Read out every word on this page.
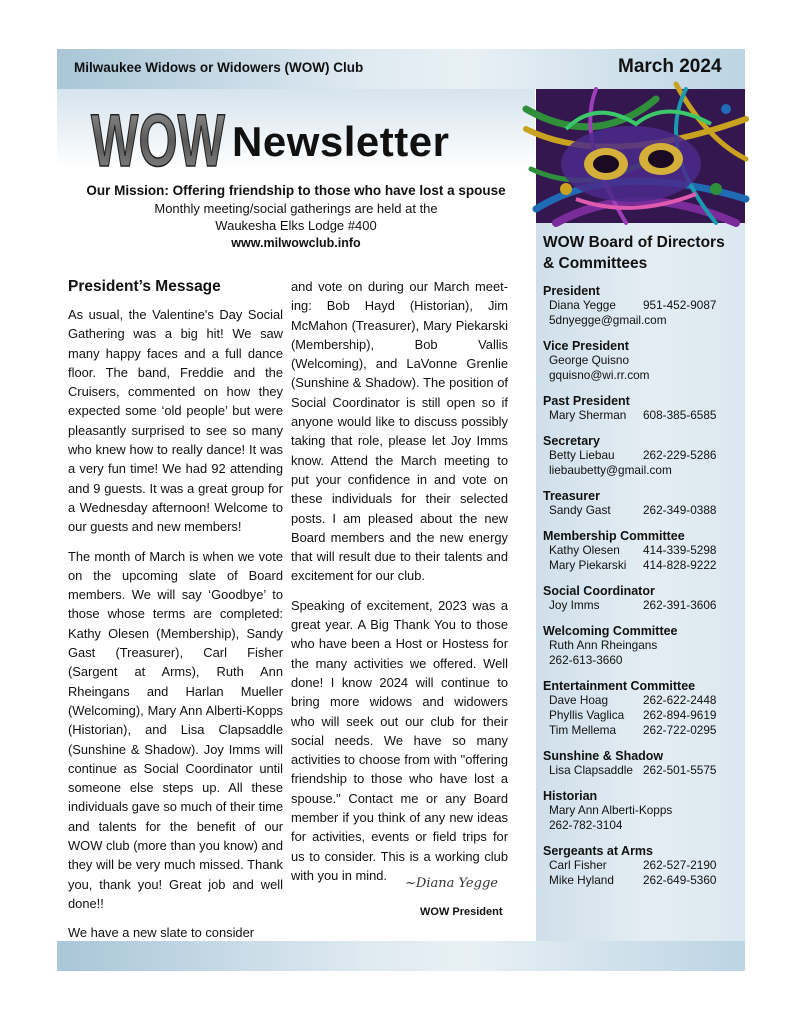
Milwaukee Widows or Widowers (WOW) Club	March 2024
WOW Newsletter
Our Mission: Offering friendship to those who have lost a spouse
Monthly meeting/social gatherings are held at the
Waukesha Elks Lodge #400
www.milwowclub.info	WOW Board of Directors
& Committees
President
Diana Yegge	951-452-9087
5dnyegge@gmail.com
Vice President
George Quisno
gquisno@wi.rr.com
Past President
Mary Sherman	608-385-6585
Secretary
Betty Liebau	262-229-5286
liebaubetty@gmail.com
Treasurer
Sandy Gast	262-349-0388
Membership Committee
Kathy Olesen	414-339-5298
Mary Piekarski	414-828-9222
Social Coordinator
Joy Imms	262-391-3606
Welcoming Committee
Ruth Ann Rheingans
262-613-3660
Entertainment Committee
Dave Hoag	262-622-2448
Phyllis Vaglica	262-894-9619
Tim Mellema	262-722-0295
Sunshine & Shadow
Lisa Clapsaddle 262-501-5575
Historian
Mary Ann Alberti-Kopps
262-782-3104
Sergeants at Arms
Carl Fisher	262-527-2190
Mike Hyland	262-649-5360
President’s Message

As usual, the Valentine's Day Social Gathering was a big hit! We saw many happy faces and a full dance floor. The band, Freddie and the Cruisers, commented on how they expected some ‘old people’ but were pleasantly surprised to see so many who knew how to really dance! It was a very fun time! We had 92 attending and 9 guests. It was a great group for a Wednesday afternoon! Welcome to our guests and new members!

The month of March is when we vote on the upcoming slate of Board members. We will say ‘Goodbye’ to those whose terms are completed: Kathy Olesen (Membership), Sandy Gast (Treasurer), Carl Fisher (Sargent at Arms), Ruth Ann Rheingans and Harlan Mueller (Welcoming), Mary Ann Alberti-Kopps (Historian), and Lisa Clapsaddle (Sunshine & Shadow). Joy Imms will continue as Social Coordinator until someone else steps up. All these individuals gave so much of their time and talents for the benefit of our WOW club (more than you know) and they will be very much missed. Thank you, thank you! Great job and well done!!

We have a new slate to consider

and vote on during our March meeting: Bob Hayd (Historian), Jim McMahon (Treasurer), Mary Piekarski (Membership), Bob Vallis (Welcoming), and LaVonne Grenlie (Sunshine & Shadow). The position of Social Coordinator is still open so if anyone would like to discuss possibly taking that role, please let Joy Imms know. Attend the March meeting to put your confidence in and vote on these individuals for their selected posts. I am pleased about the new Board members and the new energy that will result due to their talents and excitement for our club.

Speaking of excitement, 2023 was a great year. A Big Thank You to those who have been a Host or Hostess for the many activities we offered. Well done! I know 2024 will continue to bring more widows and widowers who will seek out our club for their social needs. We have so many activities to choose from with "offering friendship to those who have lost a spouse." Contact me or any Board member if you think of any new ideas for activities, events or field trips for us to consider. This is a working club with you in mind.

~Diana Yegge
WOW President
